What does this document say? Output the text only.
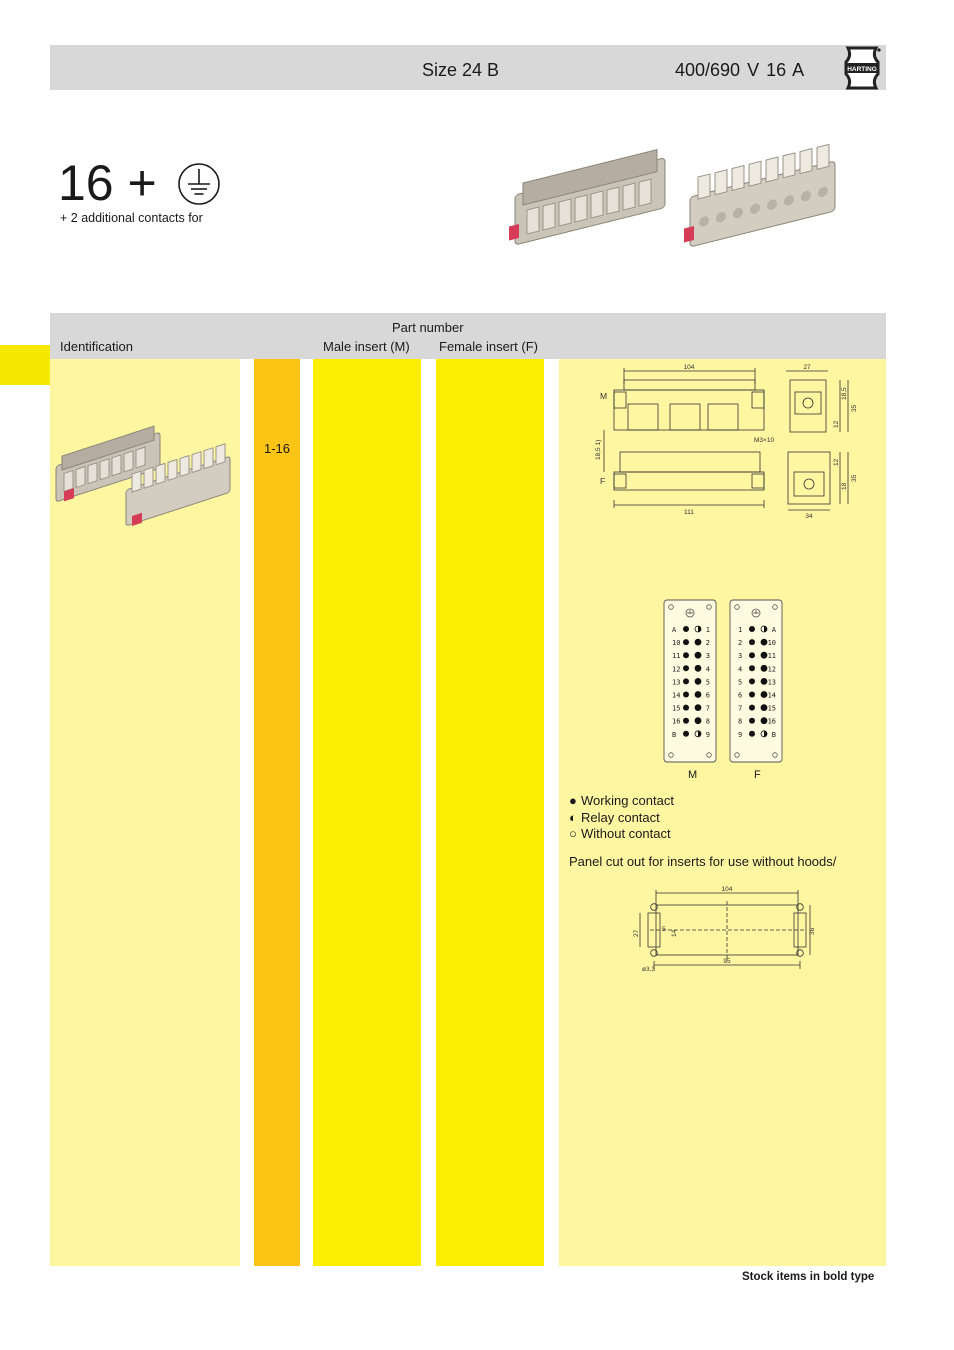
Size 24 B	400/690 V 16 A	HARTING
16 +
+ 2 additional contacts for
Part number
Identification	Male insert (M) Female insert (F)
1-16
104	27
M
F
18,5 1)	M3×10
111
34
35
18,5
12
12
18
35
A	1
10	2
11	3
12	4
13	5
14	6
15	7
16	8
B	9
1	A
2	10
3	11
4	12
5	13
6	14
7	15
8	16
9	B
M	F
● Working contact
◐ Relay contact
○ Without contact
Panel cut out for inserts for use without hoods/
104
36
27
5
14
ø3,3
95
Stock items in bold type
